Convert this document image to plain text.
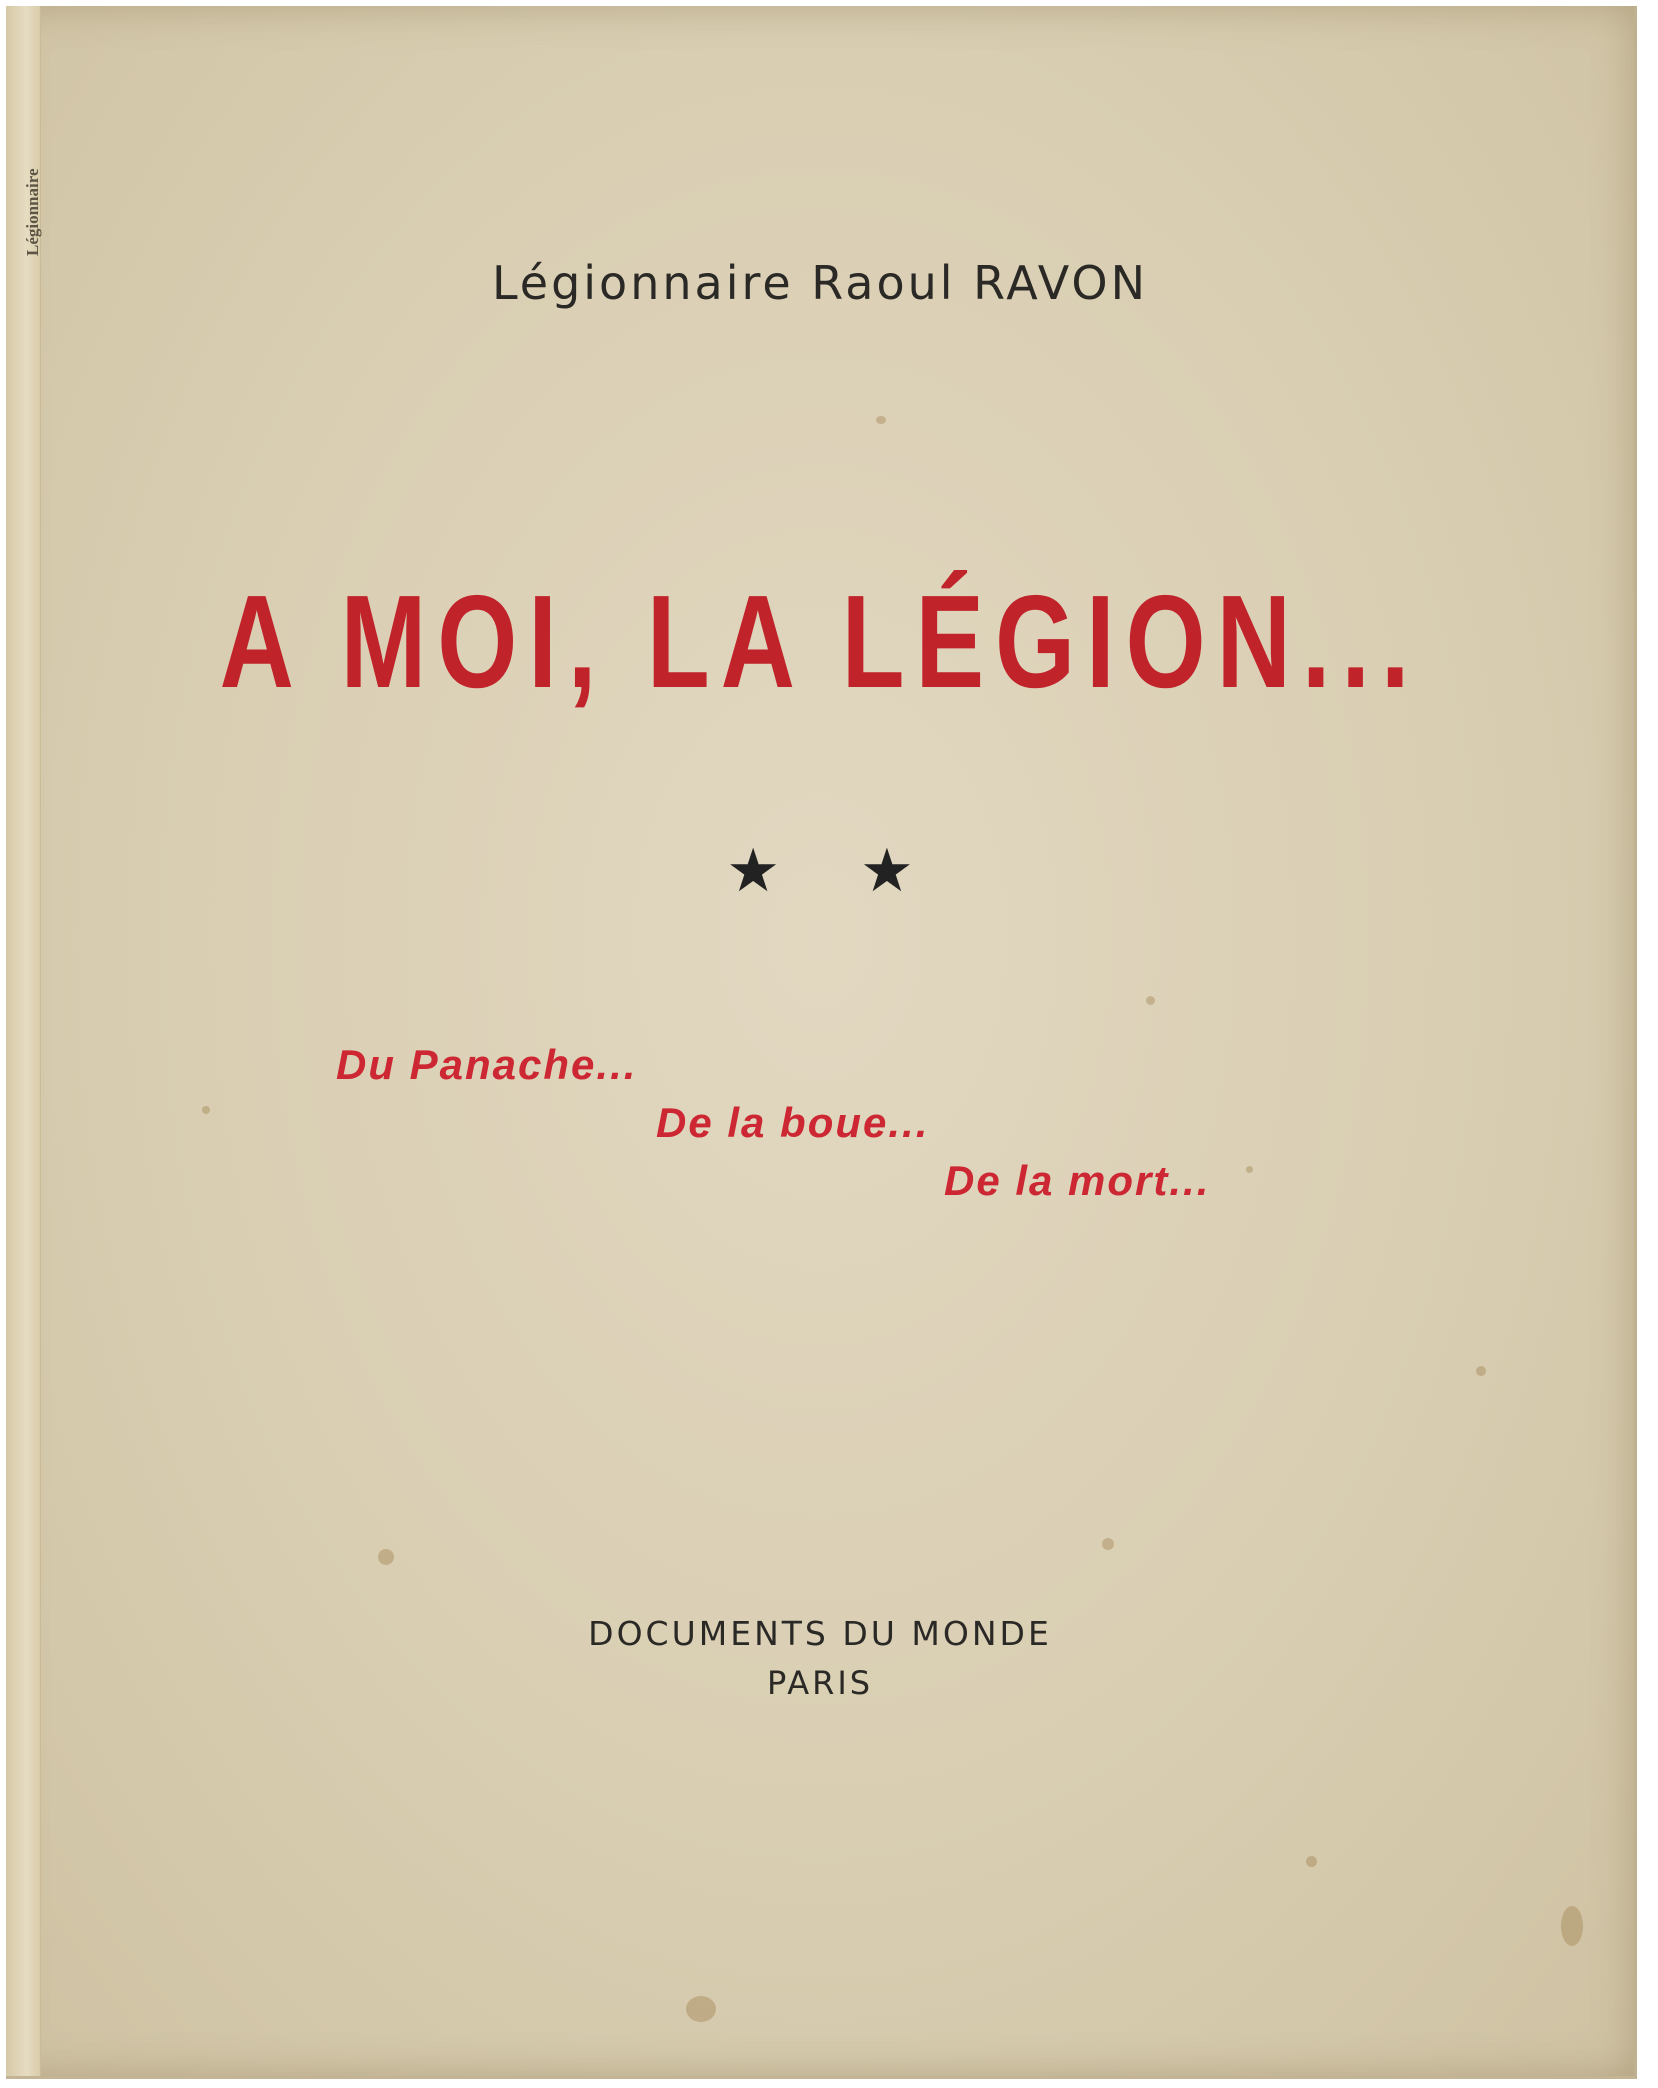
Légionnaire
Légionnaire Raoul RAVON
A MOI, LA LÉGION...
★★
Du Panache...
De la boue...
De la mort...
DOCUMENTS DU MONDE
PARIS
